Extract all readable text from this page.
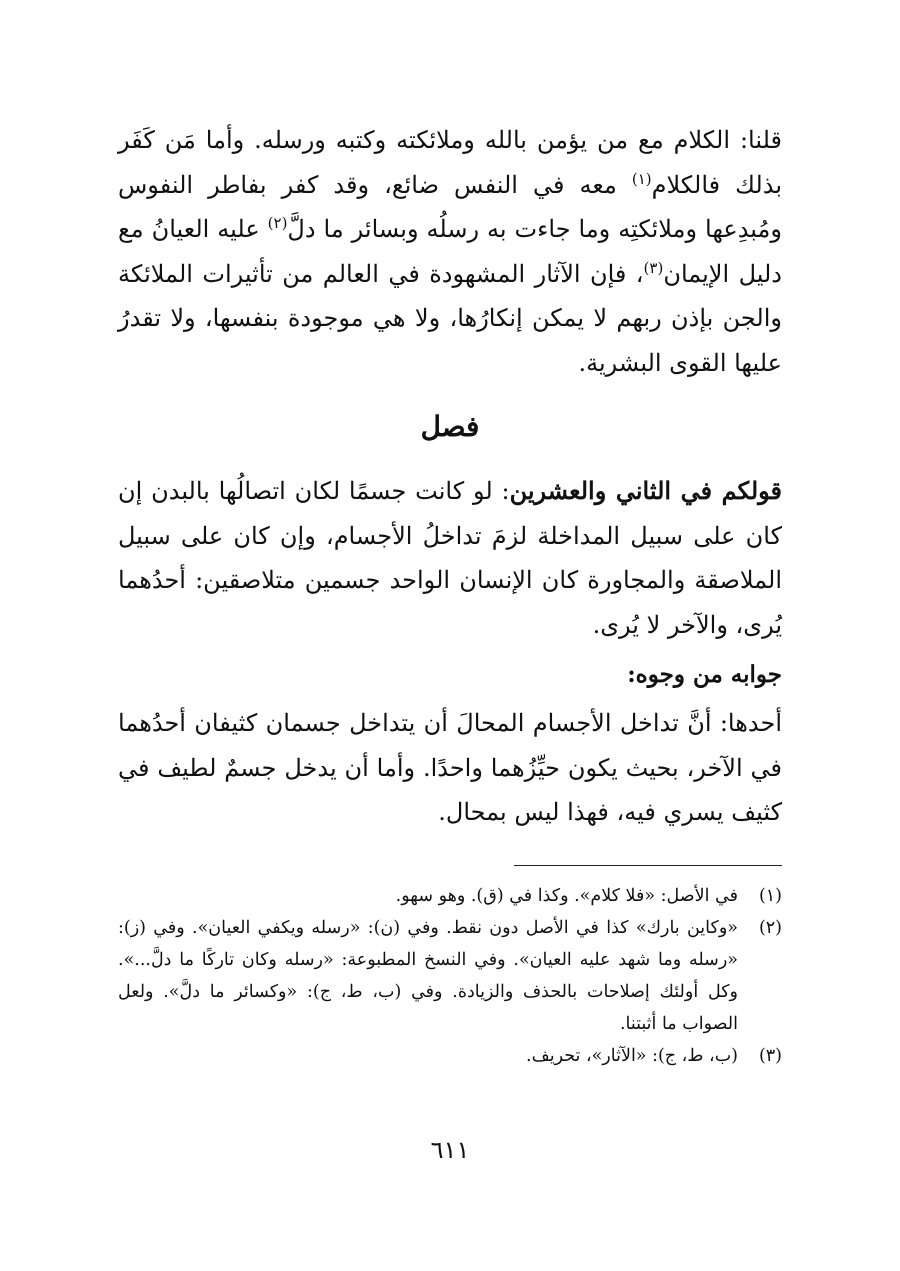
قلنا: الكلام مع من يؤمن بالله وملائكته وكتبه ورسله. وأما مَن كَفَر بذلك فالكلام$^{(١)}$ معه في النفس ضائع، وقد كفر بفاطر النفوس ومُبدِعها وملائكتِه وما جاءت به رسلُه وبسائر ما دلَّ$^{(٢)}$ عليه العيانُ مع دليل الإيمان$^{(٣)}$، فإن الآثار المشهودة في العالم من تأثيرات الملائكة والجن بإذن ربهم لا يمكن إنكارُها، ولا هي موجودة بنفسها، ولا تقدرُ عليها القوى البشرية.

فصل

قولكم في الثاني والعشرين: لو كانت جسمًا لكان اتصالُها بالبدن إن كان على سبيل المداخلة لزمَ تداخلُ الأجسام، وإن كان على سبيل الملاصقة والمجاورة كان الإنسان الواحد جسمين متلاصقين: أحدُهما يُرى، والآخر لا يُرى.

جوابه من وجوه:

أحدها: أنَّ تداخل الأجسام المحالَ أن يتداخل جسمان كثيفان أحدُهما في الآخر، بحيث يكون حيِّزُهما واحدًا. وأما أن يدخل جسمٌ لطيف في كثيف يسري فيه، فهذا ليس بمحال.

(١)
في الأصل: «فلا كلام». وكذا في (ق). وهو سهو.
(٢)
«وكاين بارك» كذا في الأصل دون نقط. وفي (ن): «رسله ويكفي العيان». وفي (ز): «رسله وما شهد عليه العيان». وفي النسخ المطبوعة: «رسله وكان تاركًا ما دلَّ...». وكل أولئك إصلاحات بالحذف والزيادة. وفي (ب، ط، ج): «وكسائر ما دلَّ». ولعل الصواب ما أثبتنا.
(٣)
(ب، ط، ج): «الآثار»، تحريف.
٦١١
